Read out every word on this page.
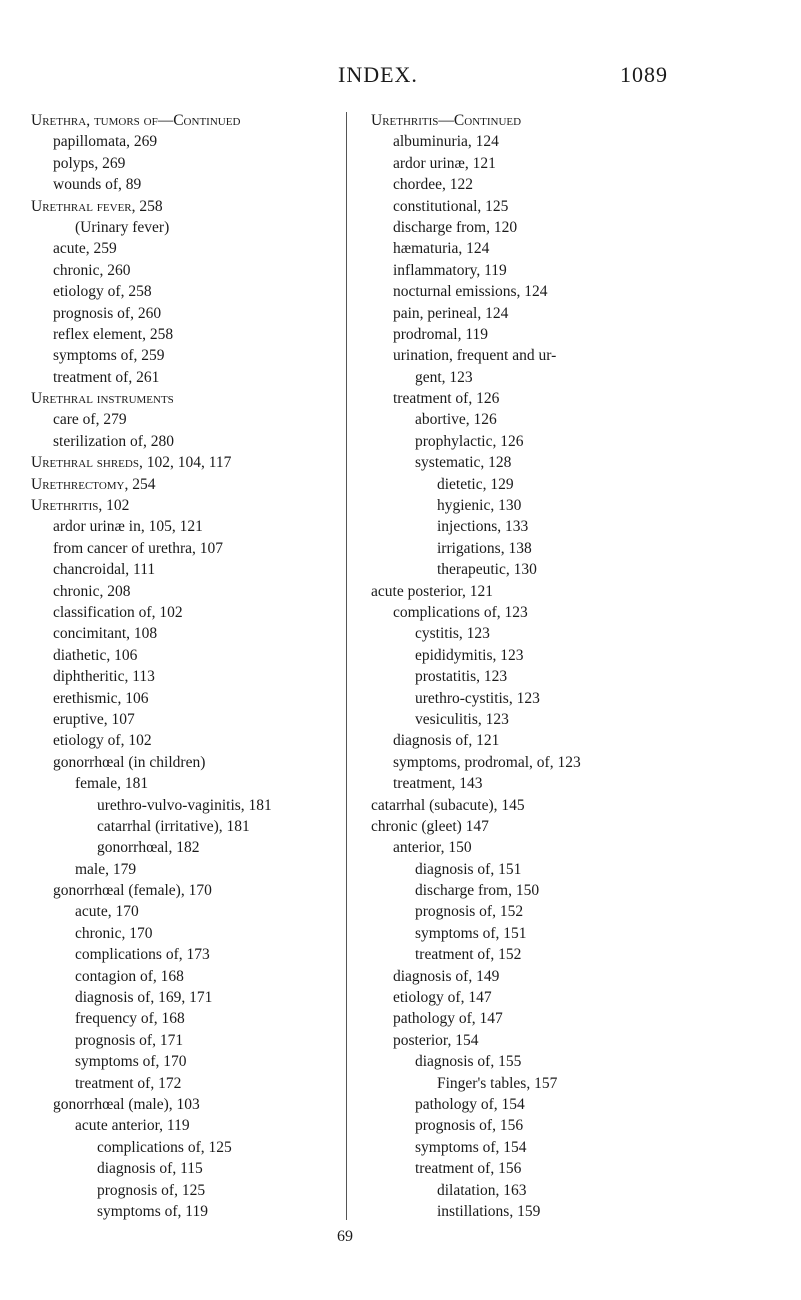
INDEX.	1089
Urethra, tumors of—Continued
papillomata, 269
polyps, 269
wounds of, 89
Urethral fever, 258
(Urinary fever)
acute, 259
chronic, 260
etiology of, 258
prognosis of, 260
reflex element, 258
symptoms of, 259
treatment of, 261
Urethral instruments
care of, 279
sterilization of, 280
Urethral shreds, 102, 104, 117
Urethrectomy, 254
Urethritis, 102
ardor urinæ in, 105, 121
from cancer of urethra, 107
chancroidal, 111
chronic, 208
classification of, 102
concimitant, 108
diathetic, 106
diphtheritic, 113
erethismic, 106
eruptive, 107
etiology of, 102
gonorrhœal (in children)
female, 181
urethro-vulvo-vaginitis, 181
catarrhal (irritative), 181
gonorrhœal, 182
male, 179
gonorrhœal (female), 170
acute, 170
chronic, 170
complications of, 173
contagion of, 168
diagnosis of, 169, 171
frequency of, 168
prognosis of, 171
symptoms of, 170
treatment of, 172
gonorrhœal (male), 103
acute anterior, 119
complications of, 125
diagnosis of, 115
prognosis of, 125
symptoms of, 119
Urethritis—Continued
albuminuria, 124
ardor urinæ, 121
chordee, 122
constitutional, 125
discharge from, 120
hæmaturia, 124
inflammatory, 119
nocturnal emissions, 124
pain, perineal, 124
prodromal, 119
urination, frequent and ur-
gent, 123
treatment of, 126
abortive, 126
prophylactic, 126
systematic, 128
dietetic, 129
hygienic, 130
injections, 133
irrigations, 138
therapeutic, 130
acute posterior, 121
complications of, 123
cystitis, 123
epididymitis, 123
prostatitis, 123
urethro-cystitis, 123
vesiculitis, 123
diagnosis of, 121
symptoms, prodromal, of, 123
treatment, 143
catarrhal (subacute), 145
chronic (gleet) 147
anterior, 150
diagnosis of, 151
discharge from, 150
prognosis of, 152
symptoms of, 151
treatment of, 152
diagnosis of, 149
etiology of, 147
pathology of, 147
posterior, 154
diagnosis of, 155
Finger's tables, 157
pathology of, 154
prognosis of, 156
symptoms of, 154
treatment of, 156
dilatation, 163
instillations, 159
69
